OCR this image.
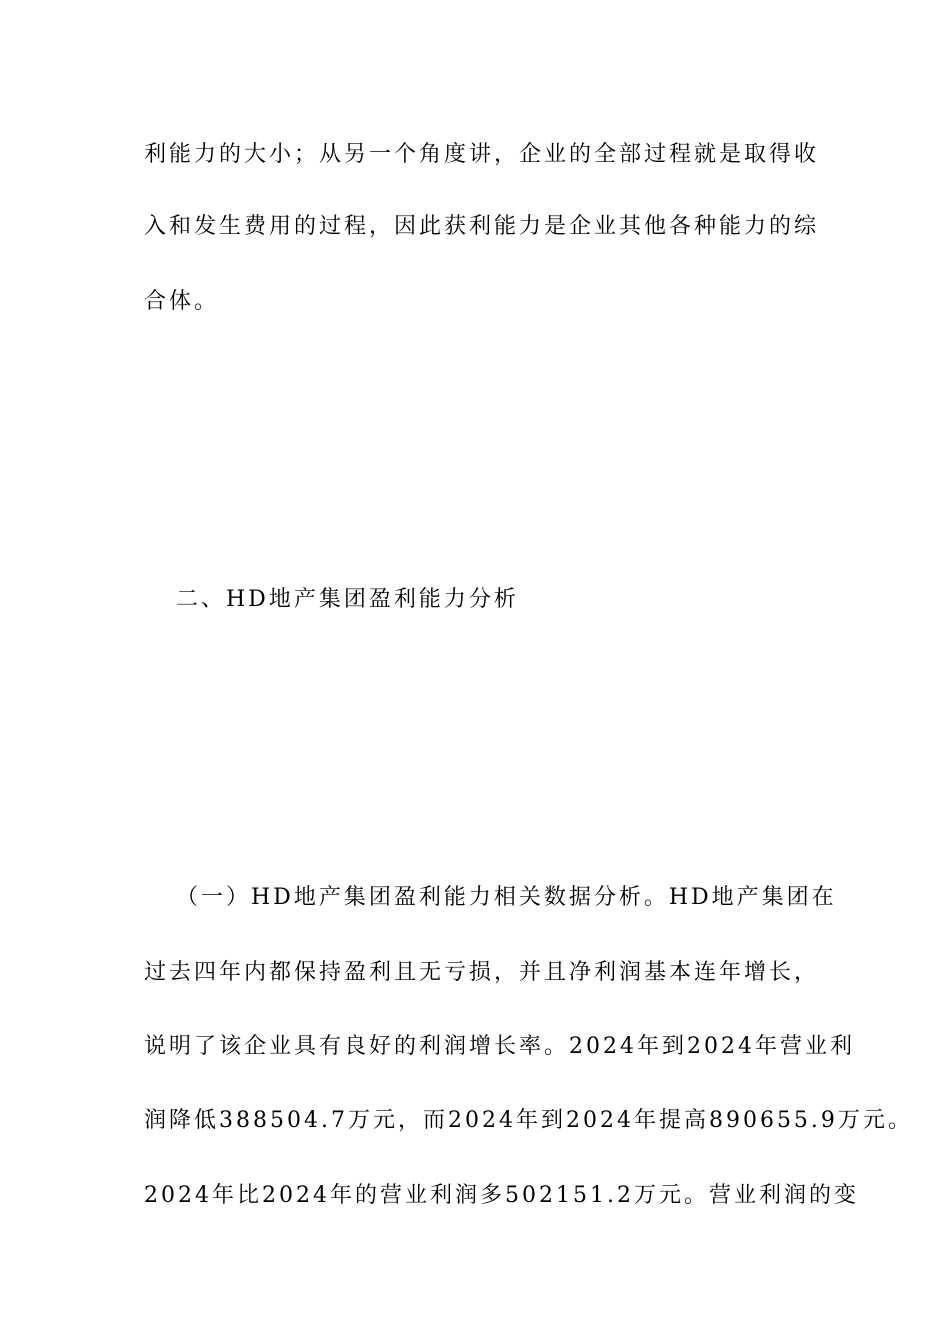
利能力的大小；从另一个角度讲，企业的全部过程就是取得收
入和发生费用的过程，因此获利能力是企业其他各种能力的综
合体。
二、HD地产集团盈利能力分析
（一）HD地产集团盈利能力相关数据分析。HD地产集团在
过去四年内都保持盈利且无亏损，并且净利润基本连年增长，
说明了该企业具有良好的利润增长率。2024年到2024年营业利
润降低388504.7万元，而2024年到2024年提高890655.9万元。
2024年比2024年的营业利润多502151.2万元。营业利润的变
